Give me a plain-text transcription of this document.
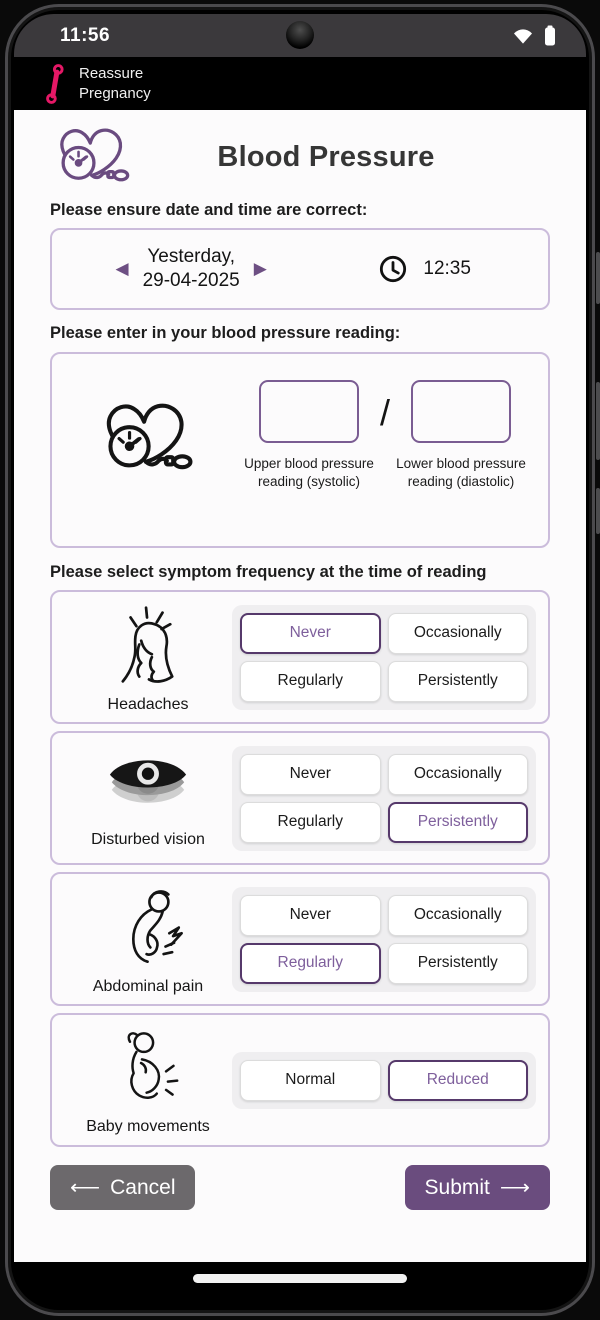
11:56
Reassure
Pregnancy
Blood Pressure
Please ensure date and time are correct:
◀
Yesterday,
29-04-2025
▶	12:35
Please enter in your blood pressure reading:
Upper blood pressure reading (systolic)
/
Lower blood pressure reading (diastolic)
Please select symptom frequency at the time of reading
Headaches
Never	Occasionally
Regularly	Persistently
Disturbed vision
Never	Occasionally
Regularly	Persistently
Abdominal pain
Never	Occasionally
Regularly	Persistently
Baby movements
Normal	Reduced
⟵ Cancel	Submit ⟶
